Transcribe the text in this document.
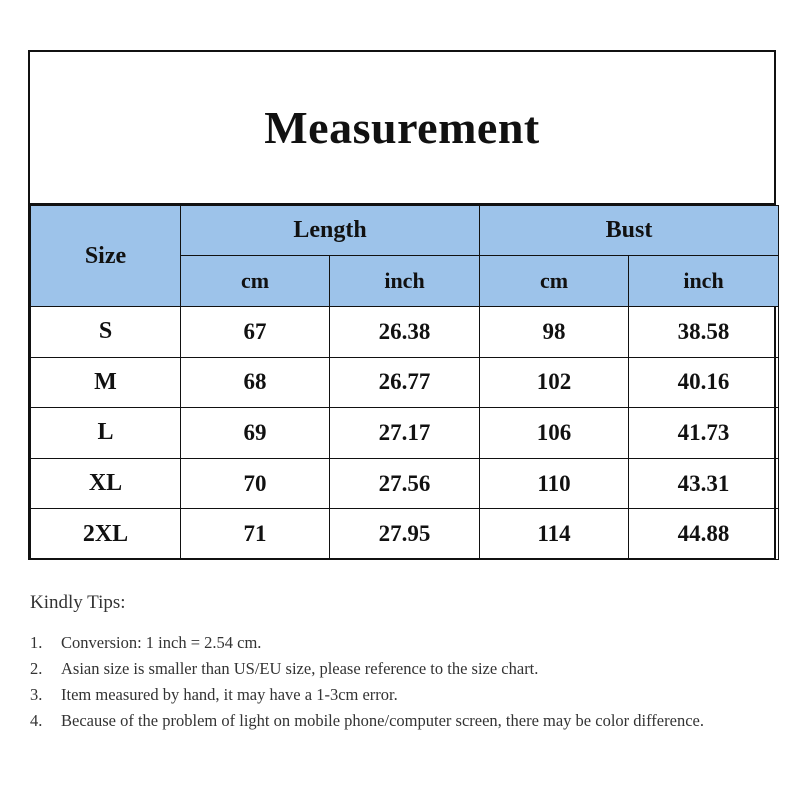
Measurement
Size	Length		Bust	
	cm	inch	cm	inch
S	67	26.38	98	38.58
M	68	26.77	102	40.16
L	69	27.17	106	41.73
XL	70	27.56	110	43.31
2XL	71	27.95	114	44.88

Kindly Tips:

1.	Conversion: 1 inch = 2.54 cm.
2.	Asian size is smaller than US/EU size, please reference to the size chart.
3.	Item measured by hand, it may have a 1-3cm error.
4.	Because of the problem of light on mobile phone/computer screen, there may be color difference.
